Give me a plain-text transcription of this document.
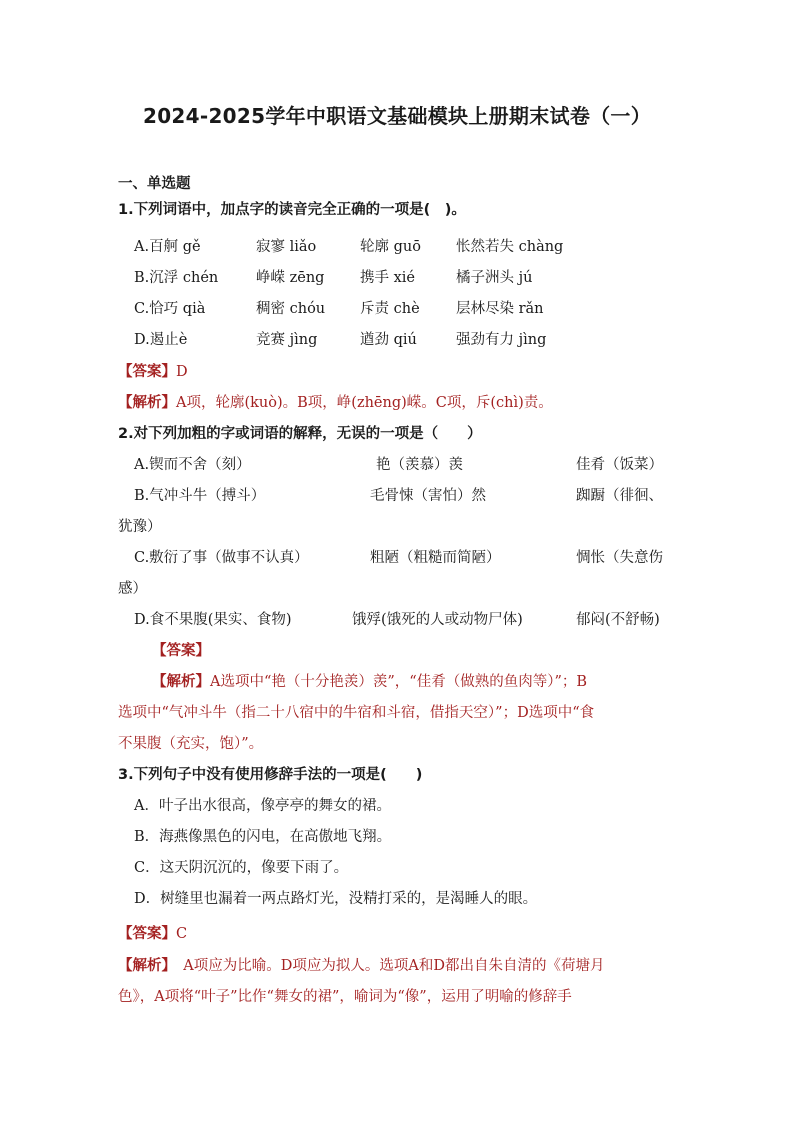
2024-2025学年中职语文基础模块上册期末试卷（一）
一、单选题
1.下列词语中，加点字的读音完全正确的一项是(　)。
A.百舸 gě	寂寥 liǎo	轮廓 guō 怅然若失 chàng
B.沉浮 chén	峥嵘 zēng 携手 xié	橘子洲头 jú
C.恰巧 qià	稠密 chóu 斥责 chè	层林尽染 rǎn
D.遏止è	竞赛 jìng	遒劲 qiú	强劲有力 jìng
【答案】D
【解析】A项，轮廓(kuò)。B项，峥(zhēng)嵘。C项，斥(chì)责。
2.对下列加粗的字或词语的解释，无误的一项是（　　）
A.锲而不舍（刻）	艳（羡慕）羡	佳肴（饭菜）
B.气冲斗牛（搏斗）	毛骨悚（害怕）然	踟蹰（徘徊、
犹豫）
C.敷衍了事（做事不认真）	粗陋（粗糙而简陋）	惆怅（失意伤
感）
D.食不果腹(果实、食物)	饿殍(饿死的人或动物尸体)	郁闷(不舒畅)
【答案】
【解析】A选项中“艳（十分艳羡）羡”，“佳肴（做熟的鱼肉等）”；B
选项中“气冲斗牛（指二十八宿中的牛宿和斗宿，借指天空）”；D选项中“食
不果腹（充实，饱）”。
3.下列句子中没有使用修辞手法的一项是(　　)
A．叶子出水很高，像亭亭的舞女的裙。
B．海燕像黑色的闪电，在高傲地飞翔。
C．这天阴沉沉的，像要下雨了。
D．树缝里也漏着一两点路灯光，没精打采的，是渴睡人的眼。
【答案】C
【解析】　A项应为比喻。D项应为拟人。选项A和D都出自朱自清的《荷塘月
色》，A项将“叶子”比作“舞女的裙”，喻词为“像”，运用了明喻的修辞手
